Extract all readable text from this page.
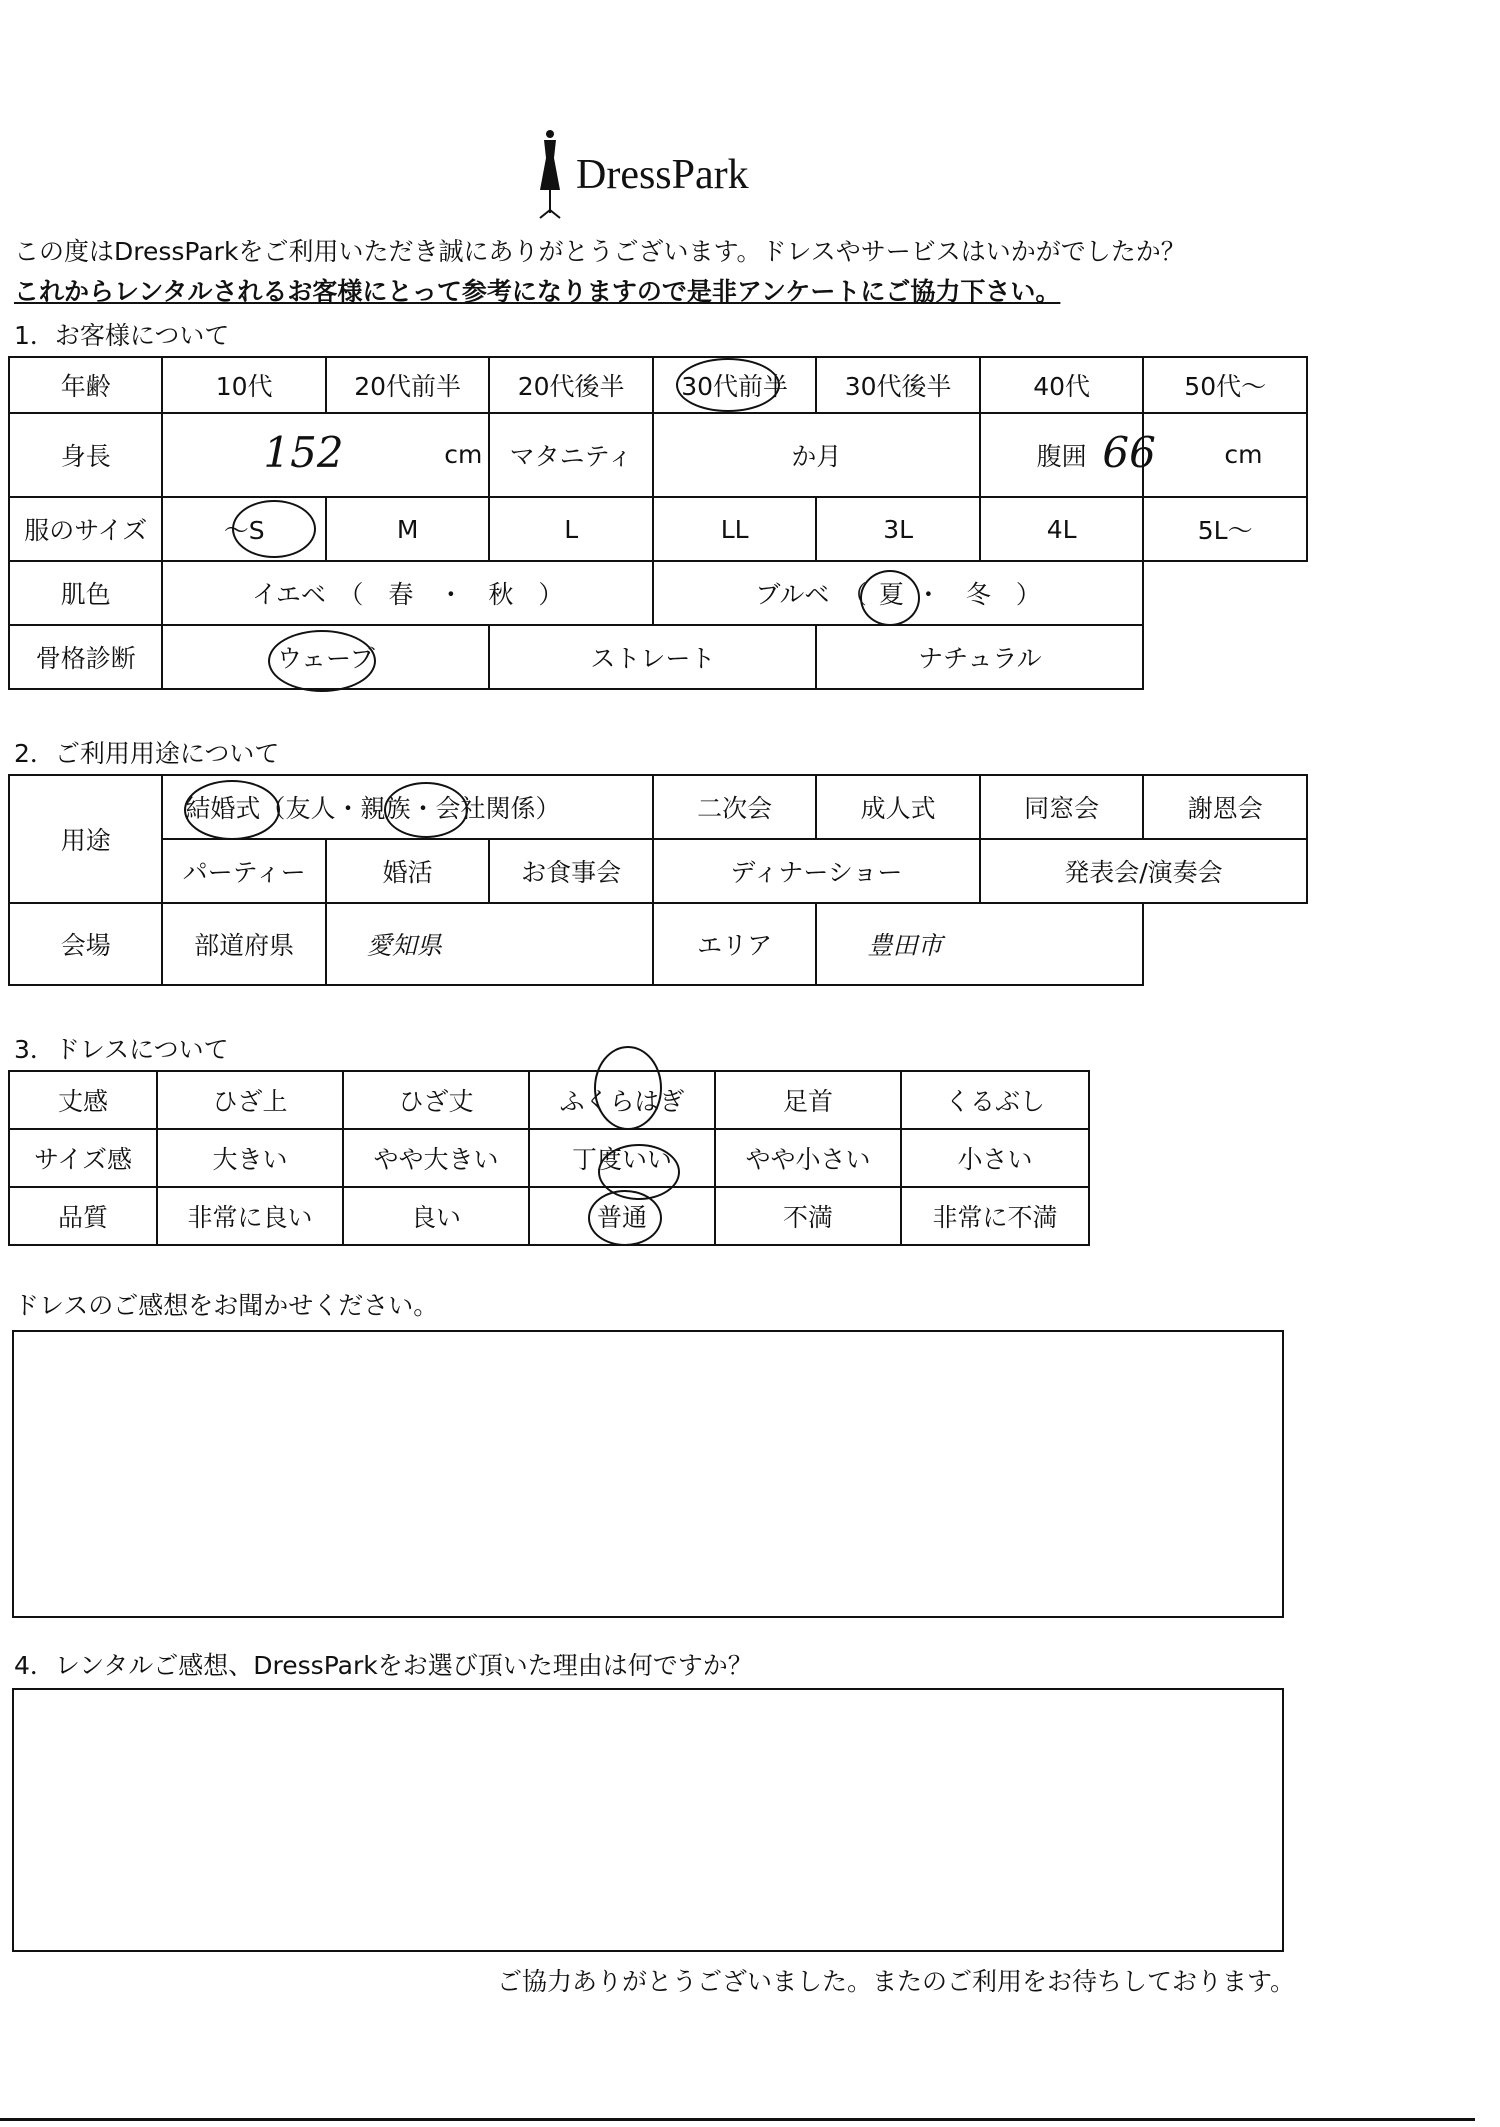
DressPark
この度はDressParkをご利用いただき誠にありがとうございます。ドレスやサービスはいかがでしたか？
これからレンタルされるお客様にとって参考になりますので是非アンケートにご協力下さい。
1．お客様について
年齢	10代	20代前半	20代後半	30代前半	30代後半	40代	50代〜
身長	152 cm		マタニティ	か月		腹囲	66 cm

服のサイズ	〜S	M	L	LL	3L	4L	5L〜
肌色	イエベ　（　春　・　秋　）			ブルベ　（ 夏 ・　冬　）			
骨格診断	ウェーブ		ストレート		ナチュラル		
2．ご利用用途について
用途	結婚式（友人・親族・会社関係）			二次会	成人式	同窓会	謝恩会
	パーティー	婚活	お食事会	ディナーショー		発表会/演奏会	
会場	部道府県	愛知県		エリア	豊田市		
3．ドレスについて
丈感	ひざ上	ひざ丈	ふくらはぎ	足首	くるぶし
サイズ感	大きい	やや大きい	丁度いい	やや小さい	小さい
品質	非常に良い	良い	普通	不満	非常に不満
ドレスのご感想をお聞かせください。
4．レンタルご感想、DressParkをお選び頂いた理由は何ですか？
ご協力ありがとうございました。またのご利用をお待ちしております。
